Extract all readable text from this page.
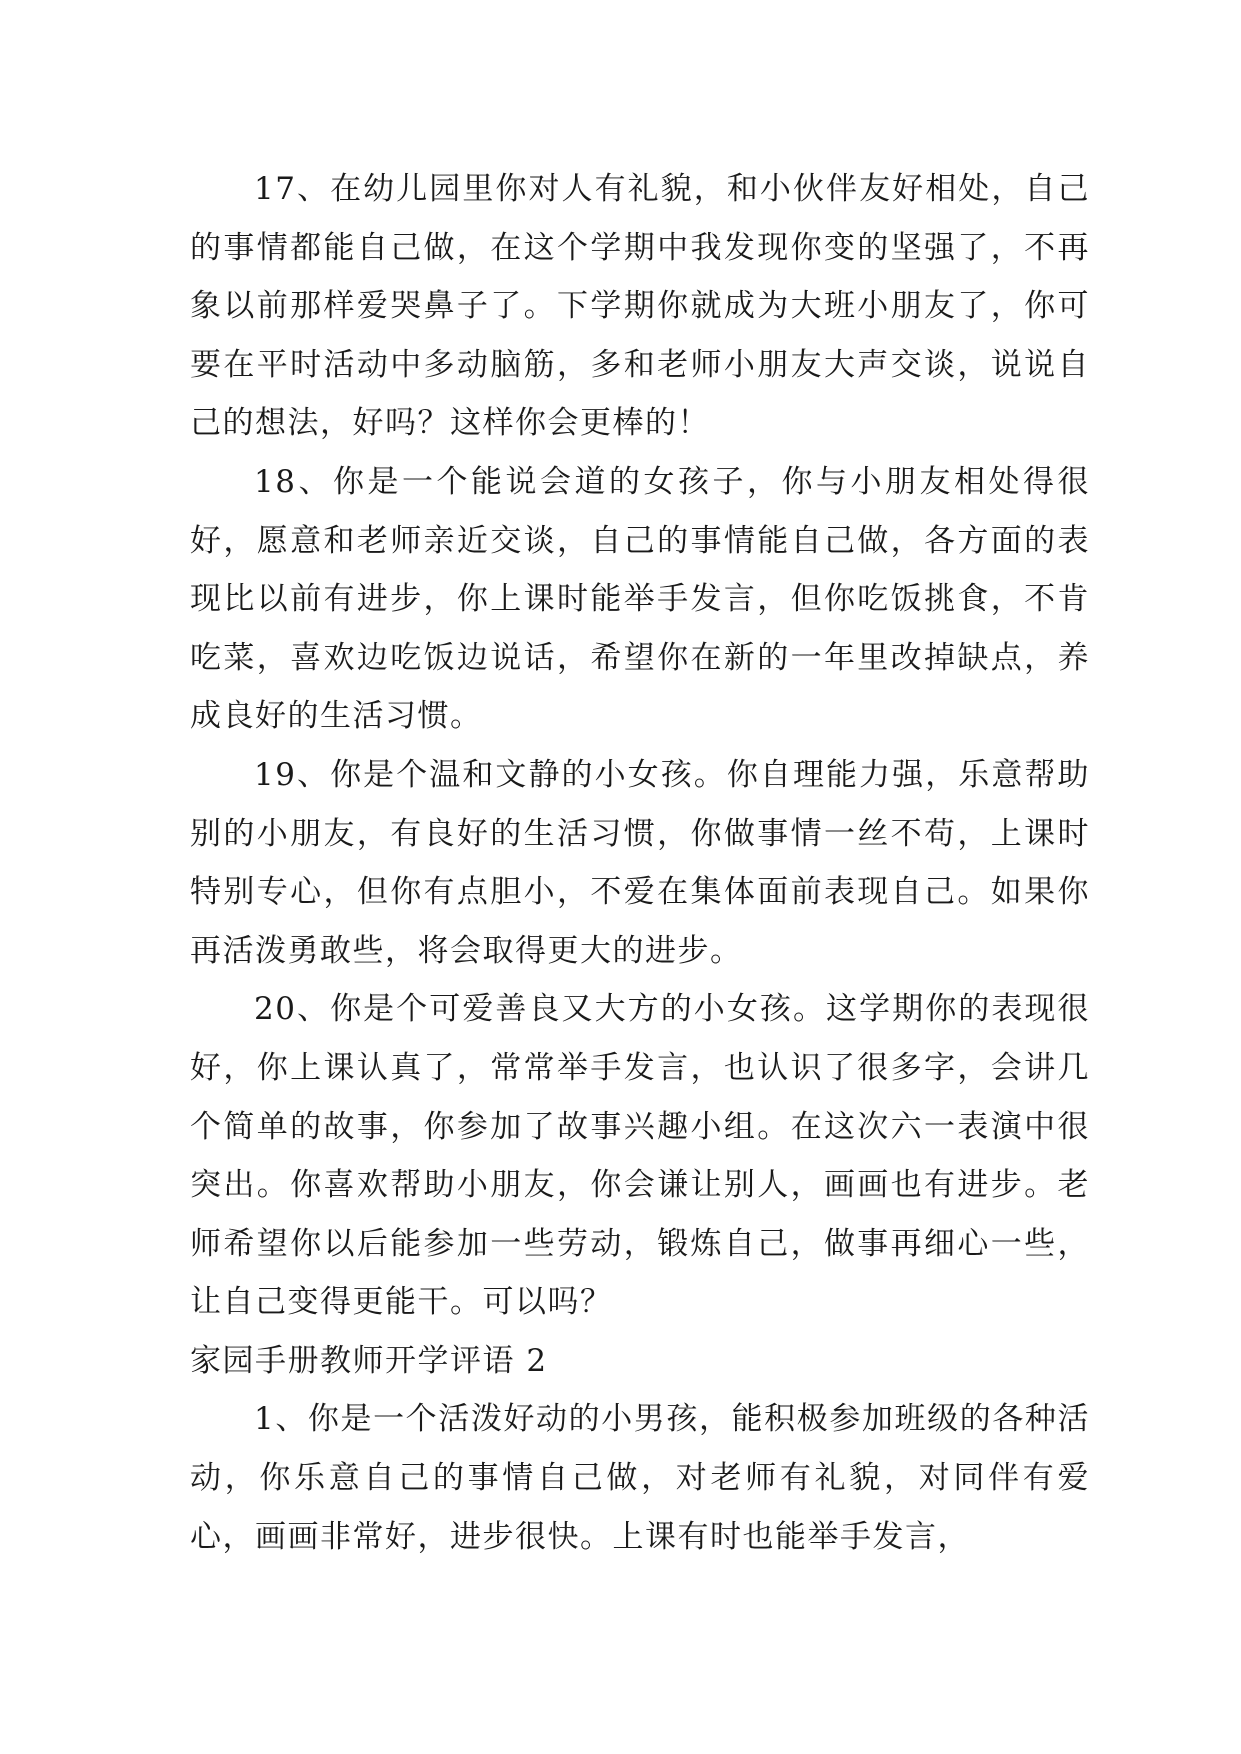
17、在幼儿园里你对人有礼貌，和小伙伴友好相处，自己的事情都能自己做，在这个学期中我发现你变的坚强了，不再象以前那样爱哭鼻子了。下学期你就成为大班小朋友了，你可要在平时活动中多动脑筋，多和老师小朋友大声交谈，说说自己的想法，好吗？这样你会更棒的！

18、你是一个能说会道的女孩子，你与小朋友相处得很好，愿意和老师亲近交谈，自己的事情能自己做，各方面的表现比以前有进步，你上课时能举手发言，但你吃饭挑食，不肯吃菜，喜欢边吃饭边说话，希望你在新的一年里改掉缺点，养成良好的生活习惯。

19、你是个温和文静的小女孩。你自理能力强，乐意帮助别的小朋友，有良好的生活习惯，你做事情一丝不苟，上课时特别专心，但你有点胆小，不爱在集体面前表现自己。如果你再活泼勇敢些，将会取得更大的进步。

20、你是个可爱善良又大方的小女孩。这学期你的表现很好，你上课认真了，常常举手发言，也认识了很多字，会讲几个简单的故事，你参加了故事兴趣小组。在这次六一表演中很突出。你喜欢帮助小朋友，你会谦让别人，画画也有进步。老师希望你以后能参加一些劳动，锻炼自己，做事再细心一些，让自己变得更能干。可以吗？

家园手册教师开学评语 2

1、你是一个活泼好动的小男孩，能积极参加班级的各种活动，你乐意自己的事情自己做，对老师有礼貌，对同伴有爱心，画画非常好，进步很快。上课有时也能举手发言，
